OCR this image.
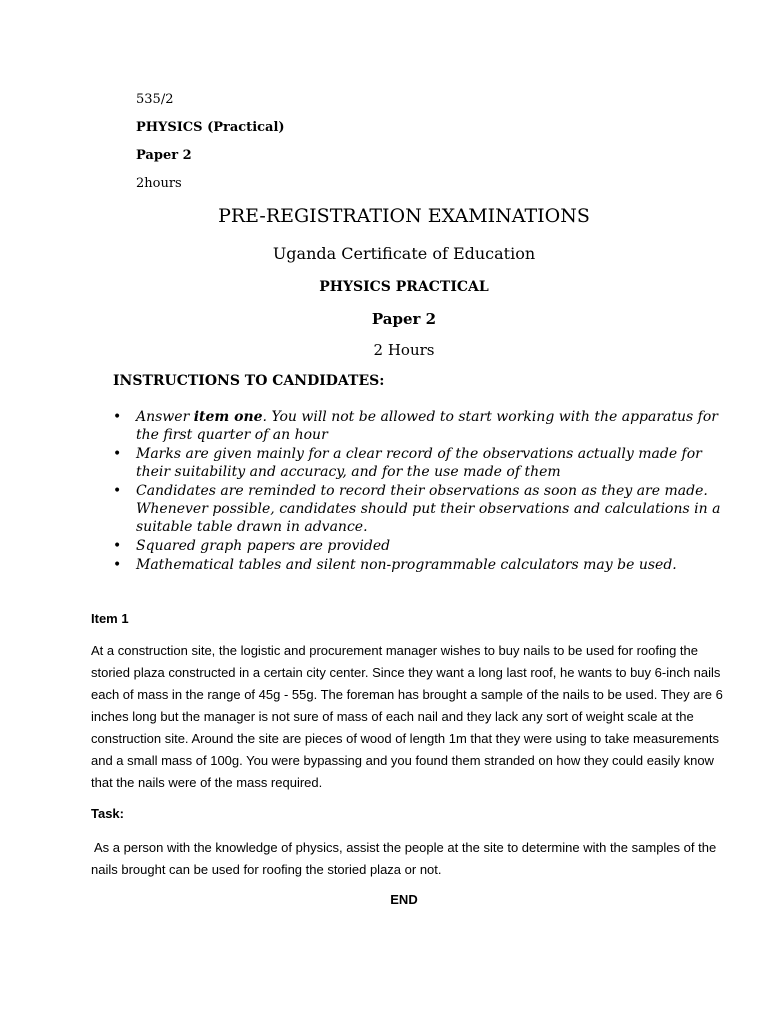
535/2

PHYSICS (Practical)

Paper 2

2hours

PRE-REGISTRATION EXAMINATIONS

Uganda Certificate of Education

PHYSICS PRACTICAL

Paper 2

2 Hours

INSTRUCTIONS TO CANDIDATES:

• Answer item one. You will not be allowed to start working with the apparatus for the first quarter of an hour
• Marks are given mainly for a clear record of the observations actually made for their suitability and accuracy, and for the use made of them
• Candidates are reminded to record their observations as soon as they are made. Whenever possible, candidates should put their observations and calculations in a suitable table drawn in advance.
• Squared graph papers are provided
• Mathematical tables and silent non-programmable calculators may be used.

Item 1

At a construction site, the logistic and procurement manager wishes to buy nails to be used for roofing the storied plaza constructed in a certain city center. Since they want a long last roof, he wants to buy 6-inch nails each of mass in the range of 45g - 55g. The foreman has brought a sample of the nails to be used. They are 6 inches long but the manager is not sure of mass of each nail and they lack any sort of weight scale at the construction site. Around the site are pieces of wood of length 1m that they were using to take measurements and a small mass of 100g. You were bypassing and you found them stranded on how they could easily know that the nails were of the mass required.

Task:

As a person with the knowledge of physics, assist the people at the site to determine with the samples of the nails brought can be used for roofing the storied plaza or not.

END
